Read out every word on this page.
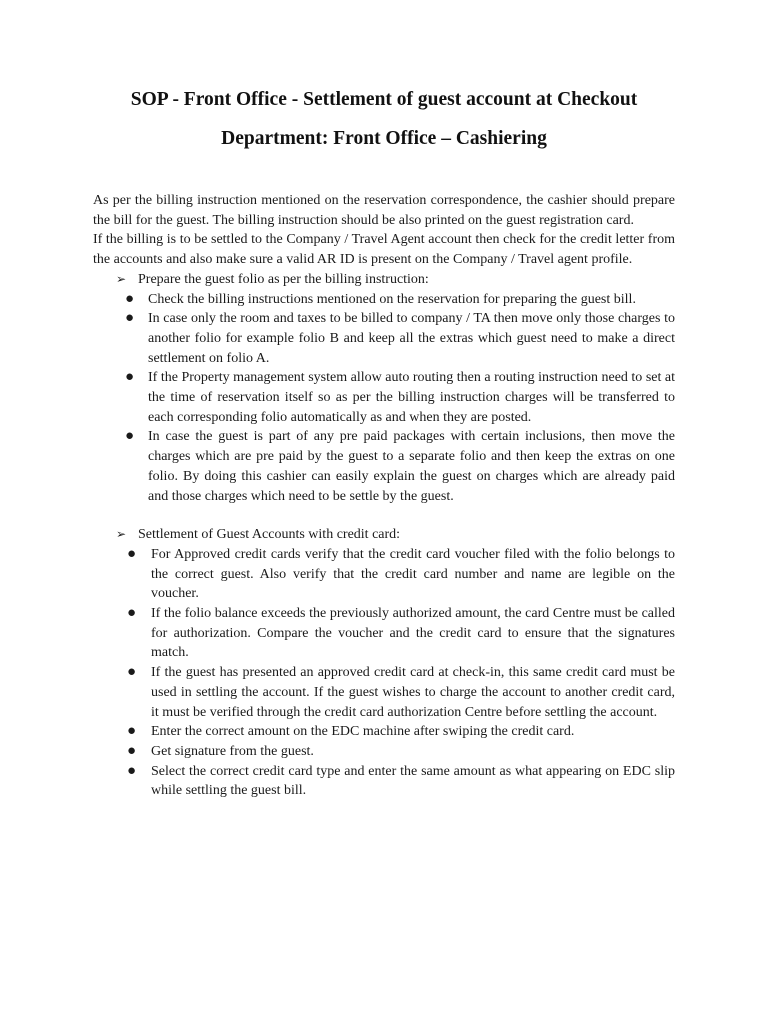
SOP - Front Office - Settlement of guest account at Checkout
Department: Front Office – Cashiering

As per the billing instruction mentioned on the reservation correspondence, the cashier should prepare the bill for the guest. The billing instruction should be also printed on the guest registration card.

If the billing is to be settled to the Company / Travel Agent account then check for the credit letter from the accounts and also make sure a valid AR ID is present on the Company / Travel agent profile.

➢ Prepare the guest folio as per the billing instruction:
● Check the billing instructions mentioned on the reservation for preparing the guest bill.
● In case only the room and taxes to be billed to company / TA then move only those charges to another folio for example folio B and keep all the extras which guest need to make a direct settlement on folio A.
● If the Property management system allow auto routing then a routing instruction need to set at the time of reservation itself so as per the billing instruction charges will be transferred to each corresponding folio automatically as and when they are posted.
● In case the guest is part of any pre paid packages with certain inclusions, then move the charges which are pre paid by the guest to a separate folio and then keep the extras on one folio. By doing this cashier can easily explain the guest on charges which are already paid and those charges which need to be settle by the guest.
➢ Settlement of Guest Accounts with credit card:
● For Approved credit cards verify that the credit card voucher filed with the folio belongs to the correct guest. Also verify that the credit card number and name are legible on the voucher.
● If the folio balance exceeds the previously authorized amount, the card Centre must be called for authorization. Compare the voucher and the credit card to ensure that the signatures match.
● If the guest has presented an approved credit card at check-in, this same credit card must be used in settling the account. If the guest wishes to charge the account to another credit card, it must be verified through the credit card authorization Centre before settling the account.
● Enter the correct amount on the EDC machine after swiping the credit card.
● Get signature from the guest.
● Select the correct credit card type and enter the same amount as what appearing on EDC slip while settling the guest bill.
